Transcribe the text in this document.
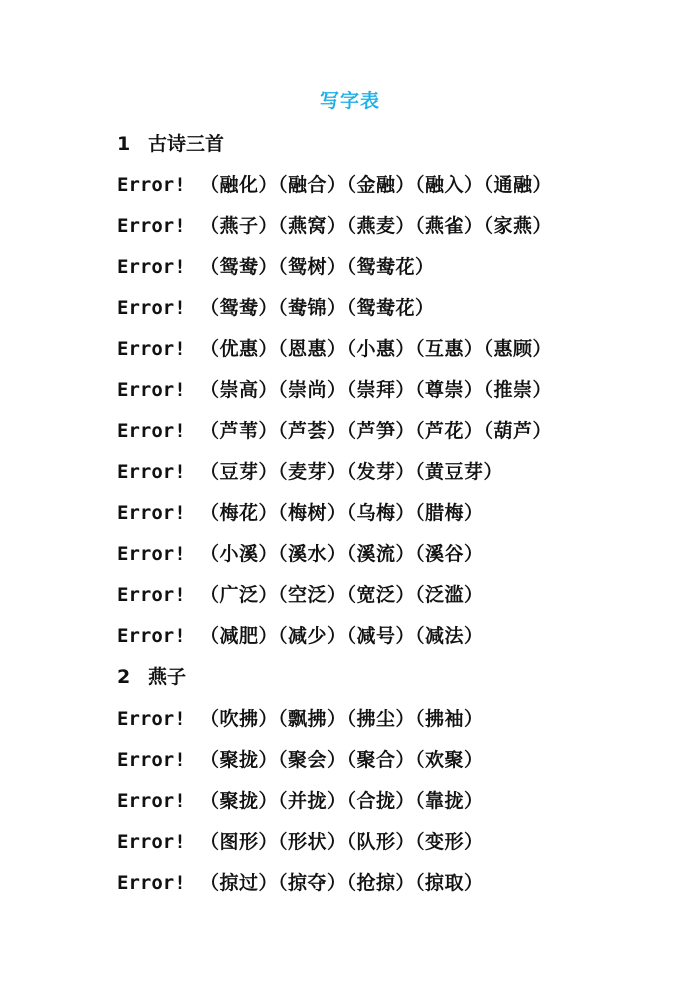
写字表
1 古诗三首
Error! （融化）（融合）（金融）（融入）（通融）
Error! （燕子）（燕窝）（燕麦）（燕雀）（家燕）
Error! （鸳鸯）（鸳树）（鸳鸯花）
Error! （鸳鸯）（鸯锦）（鸳鸯花）
Error! （优惠）（恩惠）（小惠）（互惠）（惠顾）
Error! （崇高）（崇尚）（崇拜）（尊崇）（推崇）
Error! （芦苇）（芦荟）（芦笋）（芦花）（葫芦）
Error! （豆芽）（麦芽）（发芽）（黄豆芽）
Error! （梅花）（梅树）（乌梅）（腊梅）
Error! （小溪）（溪水）（溪流）（溪谷）
Error! （广泛）（空泛）（宽泛）（泛滥）
Error! （减肥）（减少）（减号）（减法）
2 燕子
Error! （吹拂）（飘拂）（拂尘）（拂袖）
Error! （聚拢）（聚会）（聚合）（欢聚）
Error! （聚拢）（并拢）（合拢）（靠拢）
Error! （图形）（形状）（队形）（变形）
Error! （掠过）（掠夺）（抢掠）（掠取）
